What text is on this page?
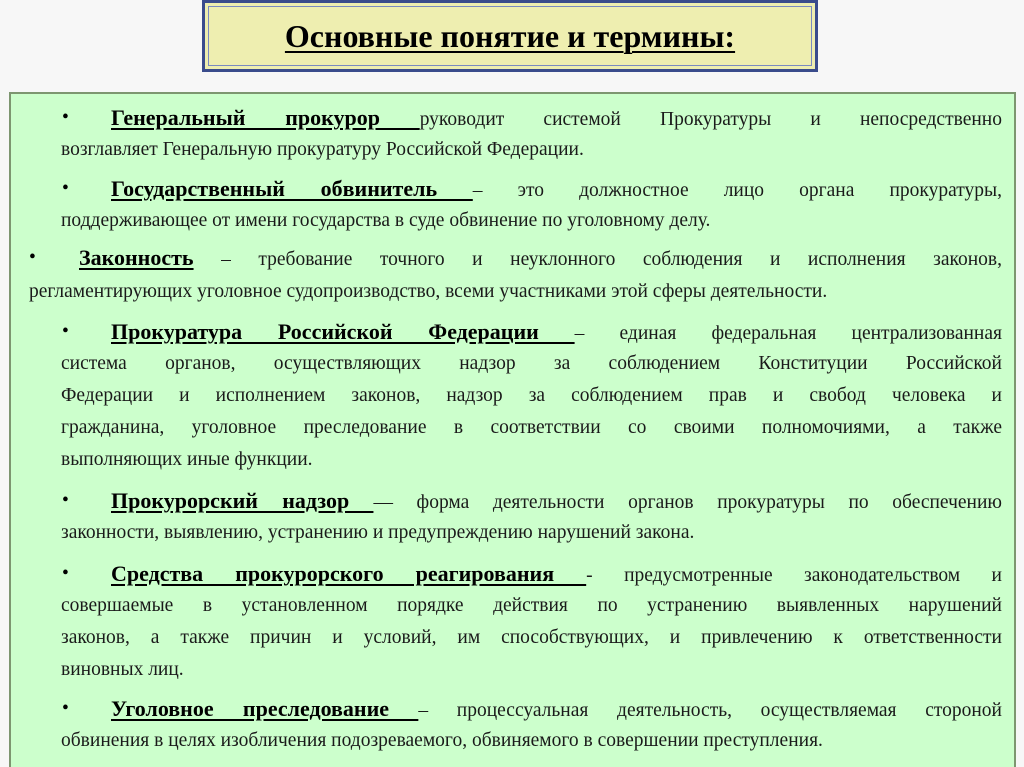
Основные понятие и термины:
• Генеральный прокурор руководит системой Прокуратуры и непосредственно
возглавляет Генеральную прокуратуру Российской Федерации.
• Государственный обвинитель – это должностное лицо органа прокуратуры,
поддерживающее от имени государства в суде обвинение по уголовному делу.
• Законность – требование точного и неуклонного соблюдения и исполнения законов,
регламентирующих уголовное судопроизводство, всеми участниками этой сферы деятельности.
• Прокуратура Российской Федерации – единая федеральная централизованная
система органов, осуществляющих надзор за соблюдением Конституции Российской
Федерации и исполнением законов, надзор за соблюдением прав и свобод человека и
гражданина, уголовное преследование в соответствии со своими полномочиями, а также
выполняющих иные функции.
• Прокурорский надзор — форма деятельности органов прокуратуры по обеспечению
законности, выявлению, устранению и предупреждению нарушений закона.
• Средства прокурорского реагирования - предусмотренные законодательством и
совершаемые в установленном порядке действия по устранению выявленных нарушений
законов, а также причин и условий, им способствующих, и привлечению к ответственности
виновных лиц.
• Уголовное преследование – процессуальная деятельность, осуществляемая стороной
обвинения в целях изобличения подозреваемого, обвиняемого в совершении преступления.
